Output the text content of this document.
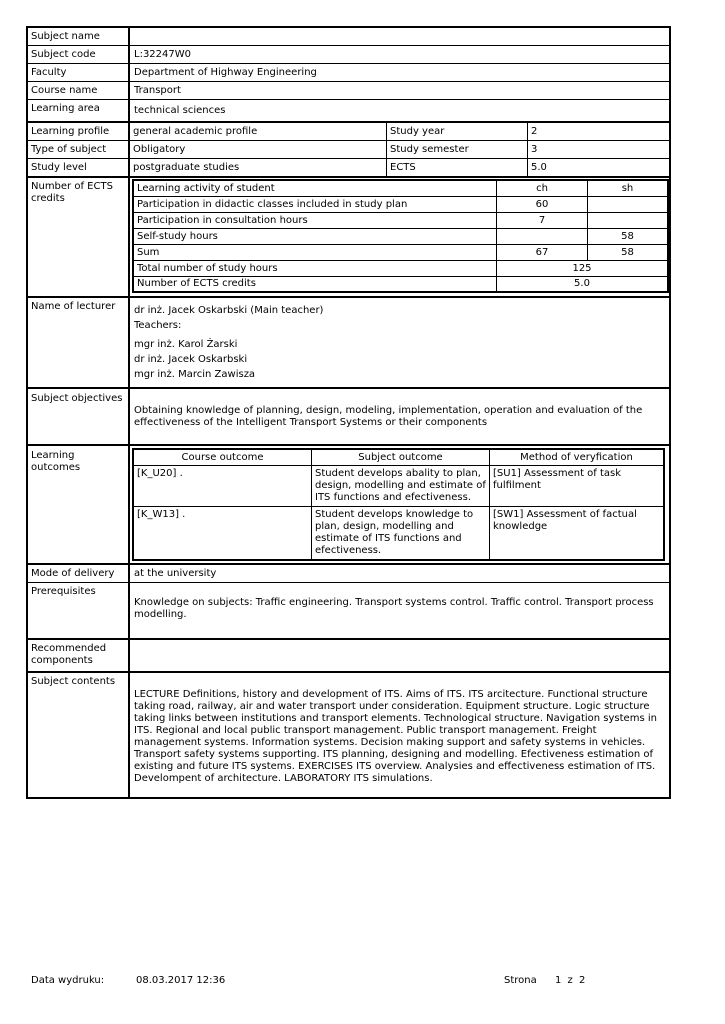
Subject name
Subject code	L:32247W0
Faculty	Department of Highway Engineering
Course name	Transport
Learning area	technical sciences
Learning profile	general academic profile	Study year	2
Type of subject	Obligatory	Study semester	3
Study level	postgraduate studies	ECTS	5.0
Number of ECTS credits
Learning activity of student	ch	sh
Participation in didactic classes included in study plan	60	
Participation in consultation hours	7	
Self-study hours		58
Sum	67	58
Total number of study hours	125	
Number of ECTS credits	5.0	
Name of lecturer	dr inż. Jacek Oskarbski (Main teacher)
Teachers:
mgr inż. Karol Żarski
dr inż. Jacek Oskarbski
mgr inż. Marcin Zawisza
Subject objectives
Obtaining knowledge of planning, design, modeling, implementation, operation and evaluation of the effectiveness of the Intelligent Transport Systems or their components
Learning outcomes
Course outcome	Subject outcome	Method of veryfication
[K_U20] .	Student develops abality to plan, design, modelling and estimate of ITS functions and efectiveness.	[SU1] Assessment of task fulfilment
[K_W13] .	Student develops knowledge to plan, design, modelling and estimate of ITS functions and efectiveness.	[SW1] Assessment of factual knowledge
Mode of delivery	at the university
Prerequisites
Knowledge on subjects: Traffic engineering. Transport systems control. Traffic control. Transport process modelling.
Recommended components
Subject contents
LECTURE Definitions, history and development of ITS. Aims of ITS. ITS arcitecture. Functional structure taking road, railway, air and water transport under consideration. Equipment structure. Logic structure taking links between institutions and transport elements. Technological structure. Navigation systems in ITS. Regional and local public transport management. Public transport management. Freight management systems. Information systems. Decision making support and safety systems in vehicles. Transport safety systems supporting. ITS planning, designing and modelling. Efectiveness estimation of existing and future ITS systems. EXERCISES ITS overview. Analysies and effectiveness estimation of ITS. Develompent of architecture. LABORATORY ITS simulations.
Data wydruku:	08.03.2017 12:36	Strona 1 z 2
